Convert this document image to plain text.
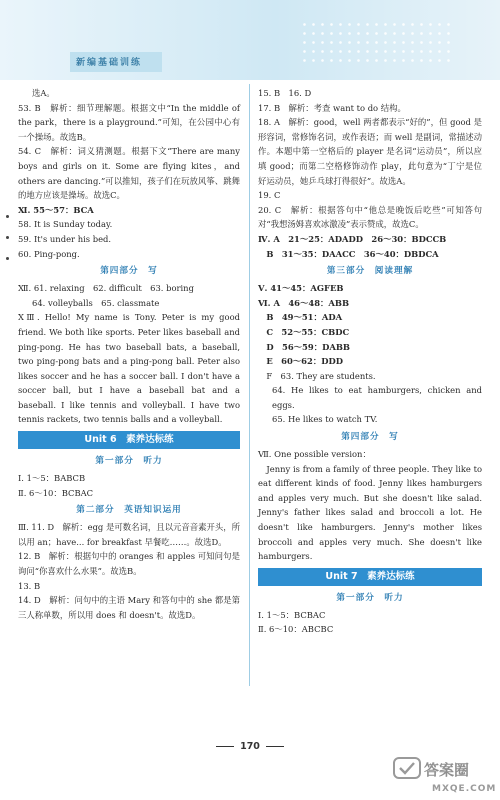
新编基础训练

选A。

53. B　解析：细节理解题。根据文中“In the middle of the park，there is a playground.”可知，在公园中心有一个操场。故选B。

54. C　解析：词义猜测题。根据下文“There are many boys and girls on it. Some are flying kites，and others are dancing.”可以推知，孩子们在玩放风筝、跳舞的地方应该是操场。故选C。

Ⅺ. 55～57：BCA

58. It is Sunday today.

59. It's under his bed.

60. Ping-pong.

第四部分　写

Ⅻ. 61. relaxing　62. difficult　63. boring

64. volleyballs　65. classmate

ⅩⅢ. Hello! My name is Tony. Peter is my good friend. We both like sports. Peter likes baseball and ping-pong. He has two baseball bats, a baseball, two ping-pong bats and a ping-pong ball. Peter also likes soccer and he has a soccer ball. I don't have a soccer ball, but I have a baseball bat and a baseball. I like tennis and volleyball. I have two tennis rackets, two tennis balls and a volleyball.

Unit 6　素养达标练
第一部分　听力

Ⅰ. 1～5：BABCB

Ⅱ. 6～10：BCBAC

第二部分　英语知识运用

Ⅲ. 11. D　解析：egg 是可数名词，且以元音音素开头，所以用 an；have... for breakfast 早餐吃……。故选D。

12. B　解析：根据句中的 oranges 和 apples 可知问句是询问“你喜欢什么水果”。故选B。

13. B

14. D　解析：问句中的主语 Mary 和答句中的 she 都是第三人称单数，所以用 does 和 doesn't。故选D。

15. B　16. D

17. B　解析：考查 want to do 结构。

18. A　解析：good，well 两者都表示“好的”，但 good 是形容词，常修饰名词，或作表语；而 well 是副词，常描述动作。本题中第一空格后的 player 是名词“运动员”，所以应填 good；而第二空格修饰动作 play，此句意为“丁宁是位好运动员，她乒乓球打得很好”。故选A。

19. C

20. C　解析：根据答句中“他总是晚饭后吃些”可知答句对“我想汤姆喜欢冰激凌”表示赞成，故选C。

Ⅳ. A　21～25：ADADD　26～30：BDCCB

　B　31～35：DAACC　36～40：DBDCA

第三部分　阅读理解

Ⅴ. 41～45：AGFEB

Ⅵ. A　46～48：ABB

　B　49～51：ADA

　C　52～55：CBDC

　D　56～59：DABB

　E　60～62：DDD

　F　63. They are students.

64. He likes to eat hamburgers, chicken and eggs.

65. He likes to watch TV.

第四部分　写

Ⅶ. One possible version：

　Jenny is from a family of three people. They like to eat different kinds of food. Jenny likes hamburgers and apples very much. But she doesn't like salad. Jenny's father likes salad and broccoli a lot. He doesn't like hamburgers. Jenny's mother likes broccoli and apples very much. She doesn't like hamburgers.

Unit 7　素养达标练
第一部分　听力

Ⅰ. 1～5：BCBAC

Ⅱ. 6～10：ABCBC

170
答案圈
MXQE.COM
